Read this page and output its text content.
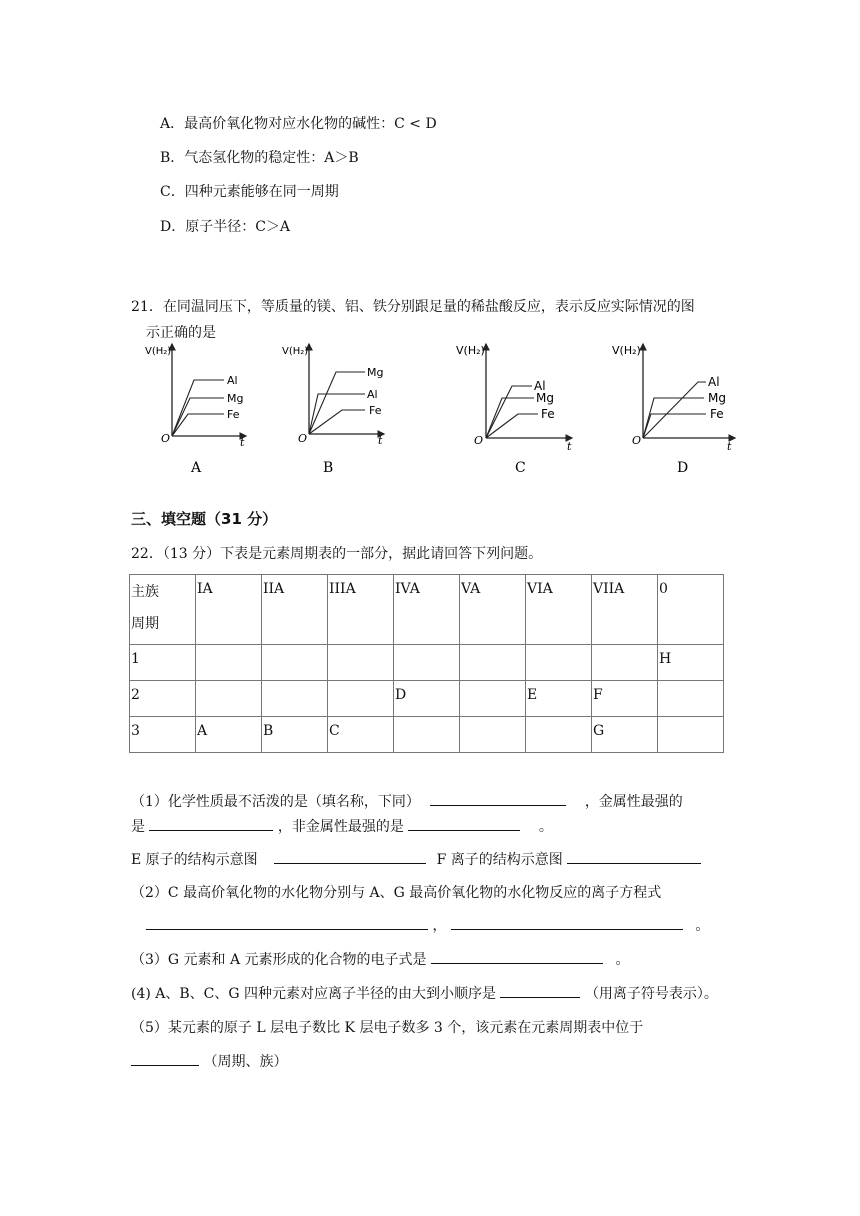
A．最高价氧化物对应水化物的碱性：C < D
B．气态氢化物的稳定性：A＞B
C．四种元素能够在同一周期
D．原子半径：C＞A
21．在同温同压下，等质量的镁、铝、铁分别跟足量的稀盐酸反应，表示反应实际情况的图
示正确的是
V(H₂)
O	t
Al
Mg
Fe
V(H₂)
O	t
Mg
Al
Fe
V(H₂)
O	t
Al
Mg
Fe
V(H₂)
O	t
Al
Mg
Fe
A	B	C	D
三、填空题（31 分）
22．（13 分）下表是元素周期表的一部分，据此请回答下列问题。
主族
周期	IA	IIA	IIIA	IVA	VA	VIA	VIIA	0
1								H
2				D		E	F	
3	A	B	C				G	
（1）化学性质最不活泼的是（填名称，下同）	，金属性最强的
是	，非金属性最强的是	。
E 原子的结构示意图	F 离子的结构示意图
（2）C 最高价氧化物的水化物分别与 A、G 最高价氧化物的水化物反应的离子方程式
，	。
（3）G 元素和 A 元素形成的化合物的电子式是	。
(4) A、B、C、G 四种元素对应离子半径的由大到小顺序是	（用离子符号表示）。
（5）某元素的原子 L 层电子数比 K 层电子数多 3 个，该元素在元素周期表中位于
（周期、族）
